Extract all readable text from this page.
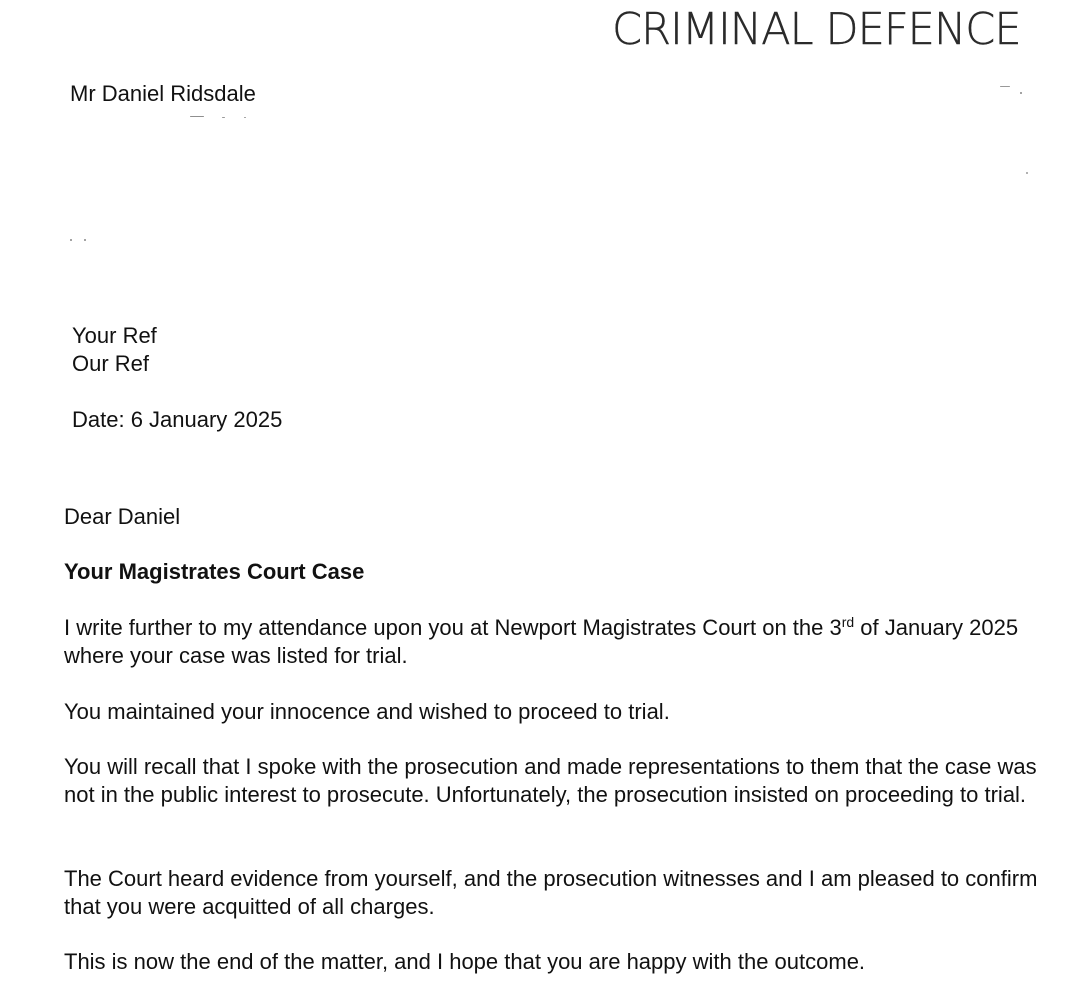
CRIMINAL DEFENCE
Mr Daniel Ridsdale
Your Ref
Our Ref
Date: 6 January 2025
Dear Daniel
Your Magistrates Court Case
I write further to my attendance upon you at Newport Magistrates Court on the 3rd of January 2025 where your case was listed for trial.
You maintained your innocence and wished to proceed to trial.
You will recall that I spoke with the prosecution and made representations to them that the case was not in the public interest to prosecute. Unfortunately, the prosecution insisted on proceeding to trial.
The Court heard evidence from yourself, and the prosecution witnesses and I am pleased to confirm that you were acquitted of all charges.
This is now the end of the matter, and I hope that you are happy with the outcome.
